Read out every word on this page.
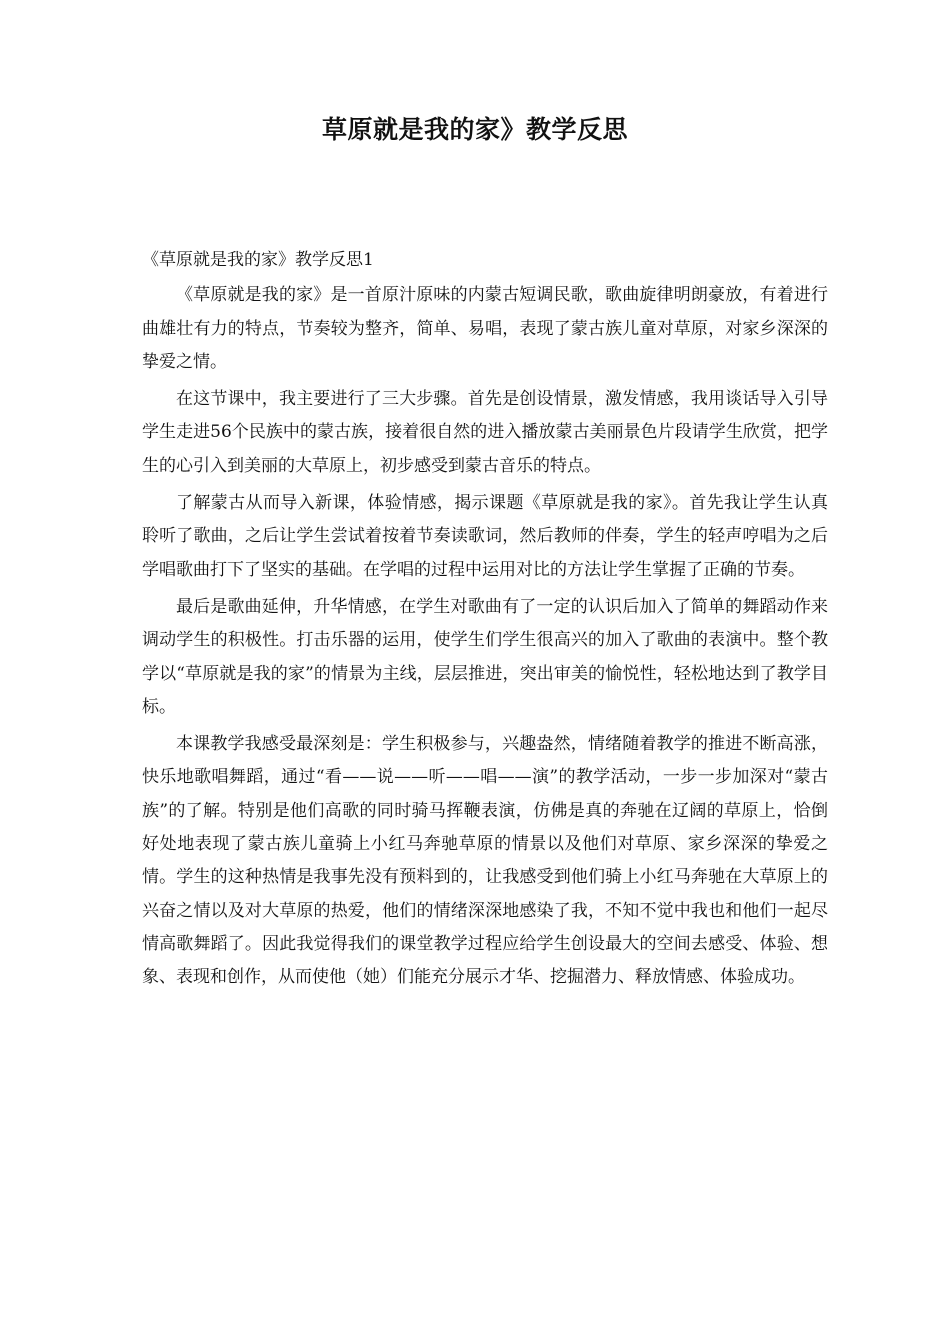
草原就是我的家》教学反思

《草原就是我的家》教学反思1

《草原就是我的家》是一首原汁原味的内蒙古短调民歌，歌曲旋律明朗豪放，有着进行曲雄壮有力的特点，节奏较为整齐，简单、易唱，表现了蒙古族儿童对草原，对家乡深深的挚爱之情。

在这节课中，我主要进行了三大步骤。首先是创设情景，激发情感，我用谈话导入引导学生走进56个民族中的蒙古族，接着很自然的进入播放蒙古美丽景色片段请学生欣赏，把学生的心引入到美丽的大草原上，初步感受到蒙古音乐的特点。

了解蒙古从而导入新课，体验情感，揭示课题《草原就是我的家》。首先我让学生认真聆听了歌曲，之后让学生尝试着按着节奏读歌词，然后教师的伴奏，学生的轻声哼唱为之后学唱歌曲打下了坚实的基础。在学唱的过程中运用对比的方法让学生掌握了正确的节奏。

最后是歌曲延伸，升华情感，在学生对歌曲有了一定的认识后加入了简单的舞蹈动作来调动学生的积极性。打击乐器的运用，使学生们学生很高兴的加入了歌曲的表演中。整个教学以“草原就是我的家”的情景为主线，层层推进，突出审美的愉悦性，轻松地达到了教学目标。

本课教学我感受最深刻是：学生积极参与，兴趣盎然，情绪随着教学的推进不断高涨，快乐地歌唱舞蹈，通过“看——说——听——唱——演”的教学活动，一步一步加深对“蒙古族”的了解。特别是他们高歌的同时骑马挥鞭表演，仿佛是真的奔驰在辽阔的草原上，恰倒好处地表现了蒙古族儿童骑上小红马奔驰草原的情景以及他们对草原、家乡深深的挚爱之情。学生的这种热情是我事先没有预料到的，让我感受到他们骑上小红马奔驰在大草原上的兴奋之情以及对大草原的热爱，他们的情绪深深地感染了我，不知不觉中我也和他们一起尽情高歌舞蹈了。因此我觉得我们的课堂教学过程应给学生创设最大的空间去感受、体验、想象、表现和创作，从而使他（她）们能充分展示才华、挖掘潜力、释放情感、体验成功。
